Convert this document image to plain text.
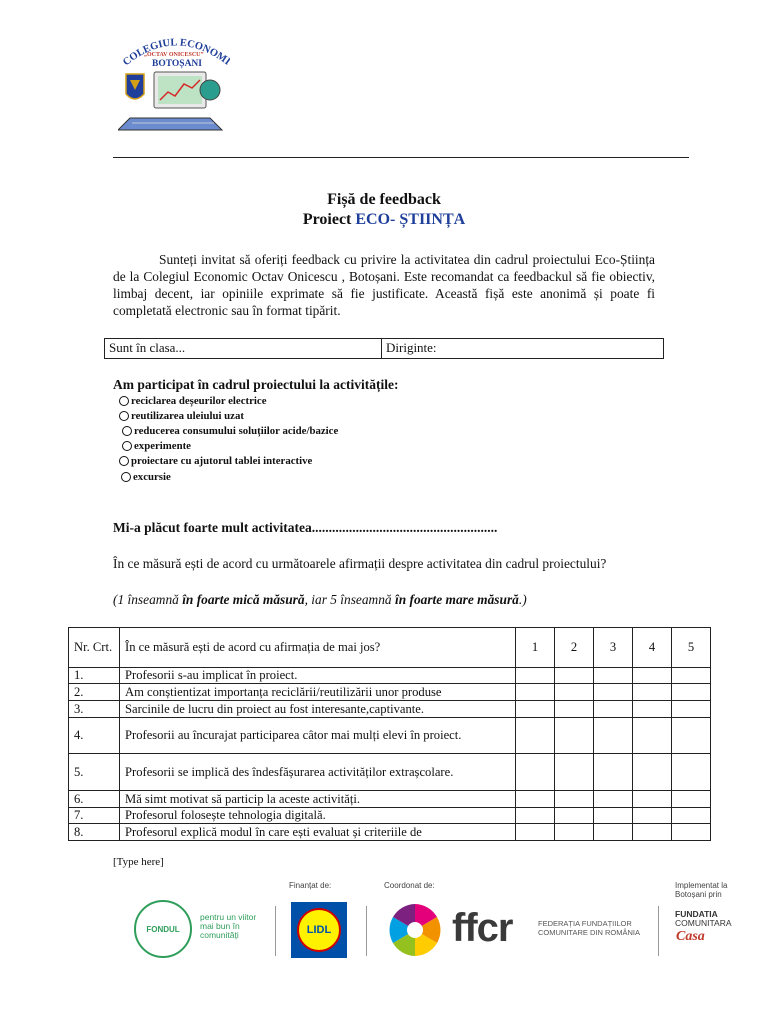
COLEGIUL ECONOM
„OCTAV ONICESCU”
BOTOȘANI
Fișă de feedback
Proiect ECO- ȘTIINȚA
Sunteți invitat să oferiți feedback cu privire la activitatea din cadrul proiectului Eco-Știința de la Colegiul Economic Octav Onicescu , Botoșani. Este recomandat ca feedbackul să fie obiectiv, limbaj decent, iar opiniile exprimate să fie justificate. Această fișă este anonimă și poate fi completată electronic sau în format tipărit.
Sunt în clasa...	Diriginte:
Am participat în cadrul proiectului la activitățile:
reciclarea deșeurilor electrice
reutilizarea uleiului uzat
reducerea consumului soluțiilor acide/bazice
experimente
proiectare cu ajutorul tablei interactive
excursie
Mi-a plăcut foarte mult activitatea.......................................................
În ce măsură ești de acord cu următoarele afirmații despre activitatea din cadrul proiectului?
(1 înseamnă în foarte mică măsură, iar 5 înseamnă în foarte mare măsură.)
Nr. Crt.	În ce măsură ești de acord cu afirmația de mai jos?	1	2	3	4	5
1.	Profesorii s-au implicat în proiect.					
2.	Am conștientizat importanța reciclării/reutilizării unor produse					
3.	Sarcinile de lucru din proiect au fost interesante,captivante.					
4.	Profesorii au încurajat participarea câtor mai mulți elevi în proiect.					
5.	Profesorii se implică des îndesfășurarea activităților extrașcolare.					
6.	Mă simt motivat să particip la aceste activități.					
7.	Profesorul folosește tehnologia digitală.					
8.	Profesorul explică modul în care ești evaluat și criteriile de					
[Type here]
Finanțat de:	Coordonat de:
FONDUL
pentru un viitor mai bun în comunități	LIDL	ffcr	FEDERAȚIA FUNDAȚIILOR COMUNITARE DIN ROMÂNIA
Implementat la Botoșani prin
FUNDATIA
COMUNITARA
Casa
